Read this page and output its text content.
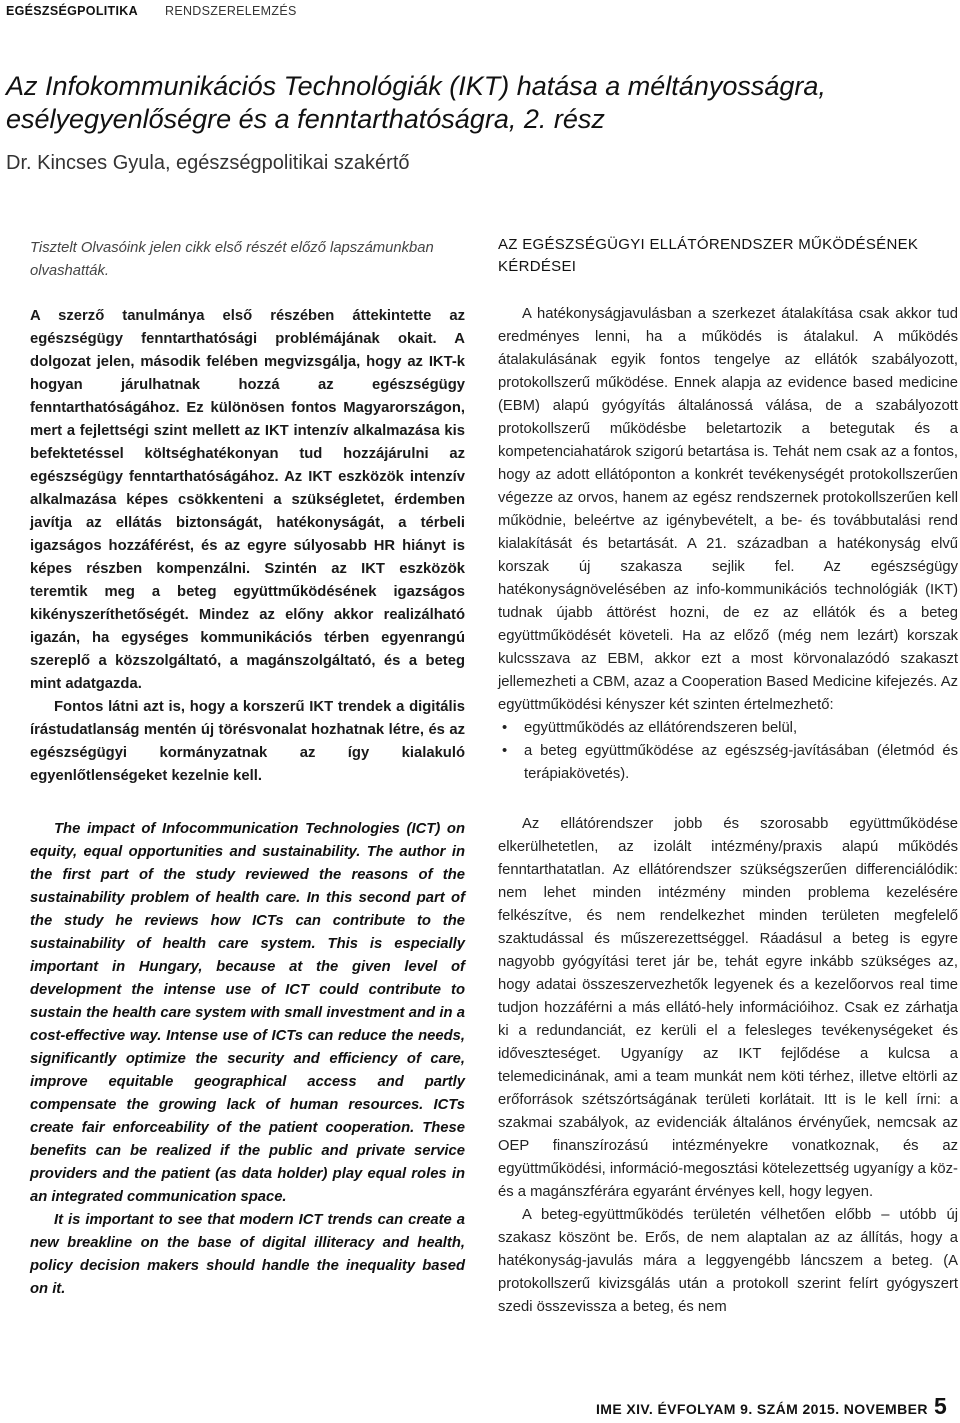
EGÉSZSÉGPOLITIKA RENDSZERELEMZÉS
Az Infokommunikációs Technológiák (IKT) hatása a méltányosságra, esélyegyenlőségre és a fenntarthatóságra, 2. rész
Dr. Kincses Gyula, egészségpolitikai szakértő

Tisztelt Olvasóink jelen cikk első részét előző lapszámunkban olvashatták.

A szerző tanulmánya első részében áttekintette az egészségügy fenntarthatósági problémájának okait. A dolgozat jelen, második felében megvizsgálja, hogy az IKT-k hogyan járulhatnak hozzá az egészségügy fenntarthatóságához. Ez különösen fontos Magyarországon, mert a fejlettségi szint mellett az IKT intenzív alkalmazása kis befektetéssel költséghatékonyan tud hozzájárulni az egészségügy fenntarthatóságához. Az IKT eszközök intenzív alkalmazása képes csökkenteni a szükségletet, érdemben javítja az ellátás biztonságát, hatékonyságát, a térbeli igazságos hozzáférést, és az egyre súlyosabb HR hiányt is képes részben kompenzálni. Szintén az IKT eszközök teremtik meg a beteg együttműködésének igazságos kikényszeríthetőségét. Mindez az előny akkor realizálható igazán, ha egységes kommunikációs térben egyenrangú szereplő a közszolgáltató, a magánszolgáltató, és a beteg mint adatgazda.

Fontos látni azt is, hogy a korszerű IKT trendek a digitális írástudatlanság mentén új törésvonalat hozhatnak létre, és az egészségügyi kormányzatnak az így kialakuló egyenlőtlenségeket kezelnie kell.

The impact of Infocommunication Technologies (ICT) on equity, equal opportunities and sustainability. The author in the first part of the study reviewed the reasons of the sustainability problem of health care. In this second part of the study he reviews how ICTs can contribute to the sustainability of health care system. This is especially important in Hungary, because at the given level of development the intense use of ICT could contribute to sustain the health care system with small investment and in a cost-effective way. Intense use of ICTs can reduce the needs, significantly optimize the security and efficiency of care, improve equitable geographical access and partly compensate the growing lack of human resources. ICTs create fair enforceability of the patient cooperation. These benefits can be realized if the public and private service providers and the patient (as data holder) play equal roles in an integrated communication space.

It is important to see that modern ICT trends can create a new breakline on the base of digital illiteracy and health, policy decision makers should handle the inequality based on it.

AZ EGÉSZSÉGÜGYI ELLÁTÓRENDSZER MŰKÖDÉSÉNEK KÉRDÉSEI

A hatékonyságjavulásban a szerkezet átalakítása csak akkor tud eredményes lenni, ha a működés is átalakul. A működés átalakulásának egyik fontos tengelye az ellátók szabályozott, protokollszerű működése. Ennek alapja az evidence based medicine (EBM) alapú gyógyítás általánossá válása, de a szabályozott protokollszerű működésbe beletartozik a betegutak és a kompetenciahatárok szigorú betartása is. Tehát nem csak az a fontos, hogy az adott ellátóponton a konkrét tevékenységét protokollszerűen végezze az orvos, hanem az egész rendszernek protokollszerűen kell működnie, beleértve az igénybevételt, a be- és továbbutalási rend kialakítását és betartását. A 21. században a hatékonyság elvű korszak új szakasza sejlik fel. Az egészségügy hatékonyságnövelésében az info-kommunikációs technológiák (IKT) tudnak újabb áttörést hozni, de ez az ellátók és a beteg együttműködését követeli. Ha az előző (még nem lezárt) korszak kulcsszava az EBM, akkor ezt a most körvonalazódó szakaszt jellemezheti a CBM, azaz a Cooperation Based Medicine kifejezés. Az együttműködési kényszer két szinten értelmezhető:

• együttműködés az ellátórendszeren belül,
• a beteg együttműködése az egészség-javításában (életmód és terápiakövetés).

Az ellátórendszer jobb és szorosabb együttműködése elkerülhetetlen, az izolált intézmény/praxis alapú működés fenntarthatatlan. Az ellátórendszer szükségszerűen differenciálódik: nem lehet minden intézmény minden problema kezelésére felkészítve, és nem rendelkezhet minden területen megfelelő szaktudással és műszerezettséggel. Ráadásul a beteg is egyre nagyobb gyógyítási teret jár be, tehát egyre inkább szükséges az, hogy adatai összeszervezhetők legyenek és a kezelőorvos real time tudjon hozzáférni a más ellátó-hely információihoz. Csak ez zárhatja ki a redundanciát, ez kerüli el a felesleges tevékenységeket és időveszteséget. Ugyanígy az IKT fejlődése a kulcsa a telemedicinának, ami a team munkát nem köti térhez, illetve eltörli az erőforrások szétszórtságának területi korlátait. Itt is le kell írni: a szakmai szabályok, az evidenciák általános érvényűek, nemcsak az OEP finanszírozású intézményekre vonatkoznak, és az együttműködési, információ-megosztási kötelezettség ugyanígy a köz- és a magánszférára egyaránt érvényes kell, hogy legyen.

A beteg-együttműködés területén vélhetően előbb – utóbb új szakasz köszönt be. Erős, de nem alaptalan az az állítás, hogy a hatékonyság-javulás mára a leggyengébb láncszem a beteg. (A protokollszerű kivizsgálás után a protokoll szerint felírt gyógyszert szedi összevissza a beteg, és nem

IME XIV. ÉVFOLYAM 9. SZÁM 2015. NOVEMBER 5
